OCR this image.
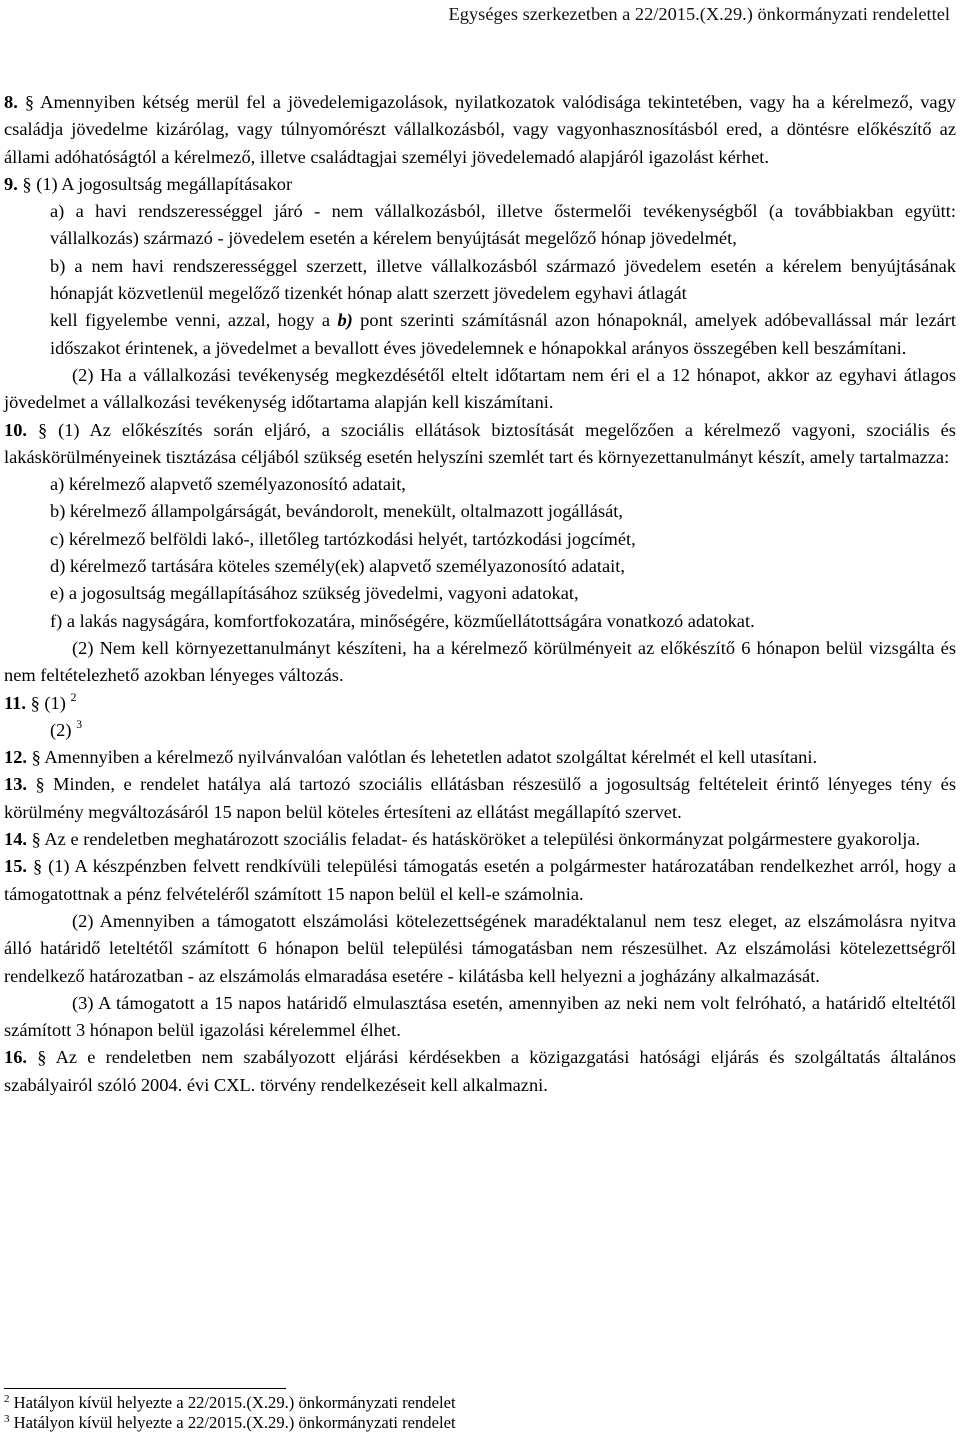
Egységes szerkezetben a 22/2015.(X.29.) önkormányzati rendelettel

8. § Amennyiben kétség merül fel a jövedelemigazolások, nyilatkozatok valódisága tekintetében, vagy ha a kérelmező, vagy családja jövedelme kizárólag, vagy túlnyomórészt vállalkozásból, vagy vagyonhasznosításból ered, a döntésre előkészítő az állami adóhatóságtól a kérelmező, illetve családtagjai személyi jövedelemadó alapjáról igazolást kérhet.

9. § (1) A jogosultság megállapításakor

a) a havi rendszerességgel járó - nem vállalkozásból, illetve őstermelői tevékenységből (a továbbiakban együtt: vállalkozás) származó - jövedelem esetén a kérelem benyújtását megelőző hónap jövedelmét,

b) a nem havi rendszerességgel szerzett, illetve vállalkozásból származó jövedelem esetén a kérelem benyújtásának hónapját közvetlenül megelőző tizenkét hónap alatt szerzett jövedelem egyhavi átlagát

kell figyelembe venni, azzal, hogy a b) pont szerinti számításnál azon hónapoknál, amelyek adóbevallással már lezárt időszakot érintenek, a jövedelmet a bevallott éves jövedelemnek e hónapokkal arányos összegében kell beszámítani.

(2) Ha a vállalkozási tevékenység megkezdésétől eltelt időtartam nem éri el a 12 hónapot, akkor az egyhavi átlagos jövedelmet a vállalkozási tevékenység időtartama alapján kell kiszámítani.

10. § (1) Az előkészítés során eljáró, a szociális ellátások biztosítását megelőzően a kérelmező vagyoni, szociális és lakáskörülményeinek tisztázása céljából szükség esetén helyszíni szemlét tart és környezettanulmányt készít, amely tartalmazza:

a) kérelmező alapvető személyazonosító adatait,

b) kérelmező állampolgárságát, bevándorolt, menekült, oltalmazott jogállását,

c) kérelmező belföldi lakó-, illetőleg tartózkodási helyét, tartózkodási jogcímét,

d) kérelmező tartására köteles személy(ek) alapvető személyazonosító adatait,

e) a jogosultság megállapításához szükség jövedelmi, vagyoni adatokat,

f) a lakás nagyságára, komfortfokozatára, minőségére, közműellátottságára vonatkozó adatokat.

(2) Nem kell környezettanulmányt készíteni, ha a kérelmező körülményeit az előkészítő 6 hónapon belül vizsgálta és nem feltételezhető azokban lényeges változás.

11. § (1) $^2$

(2) $^3$

12. § Amennyiben a kérelmező nyilvánvalóan valótlan és lehetetlen adatot szolgáltat kérelmét el kell utasítani.

13. § Minden, e rendelet hatálya alá tartozó szociális ellátásban részesülő a jogosultság feltételeit érintő lényeges tény és körülmény megváltozásáról 15 napon belül köteles értesíteni az ellátást megállapító szervet.

14. § Az e rendeletben meghatározott szociális feladat- és hatásköröket a települési önkormányzat polgármestere gyakorolja.

15. § (1) A készpénzben felvett rendkívüli települési támogatás esetén a polgármester határozatában rendelkezhet arról, hogy a támogatottnak a pénz felvételéről számított 15 napon belül el kell-e számolnia.

(2) Amennyiben a támogatott elszámolási kötelezettségének maradéktalanul nem tesz eleget, az elszámolásra nyitva álló határidő leteltétől számított 6 hónapon belül települési támogatásban nem részesülhet. Az elszámolási kötelezettségről rendelkező határozatban - az elszámolás elmaradása esetére - kilátásba kell helyezni a jogházány alkalmazását.

(3) A támogatott a 15 napos határidő elmulasztása esetén, amennyiben az neki nem volt felróható, a határidő elteltétől számított 3 hónapon belül igazolási kérelemmel élhet.

16. § Az e rendeletben nem szabályozott eljárási kérdésekben a közigazgatási hatósági eljárás és szolgáltatás általános szabályairól szóló 2004. évi CXL. törvény rendelkezéseit kell alkalmazni.

$^2$ Hatályon kívül helyezte a 22/2015.(X.29.) önkormányzati rendelet
$^3$ Hatályon kívül helyezte a 22/2015.(X.29.) önkormányzati rendelet
